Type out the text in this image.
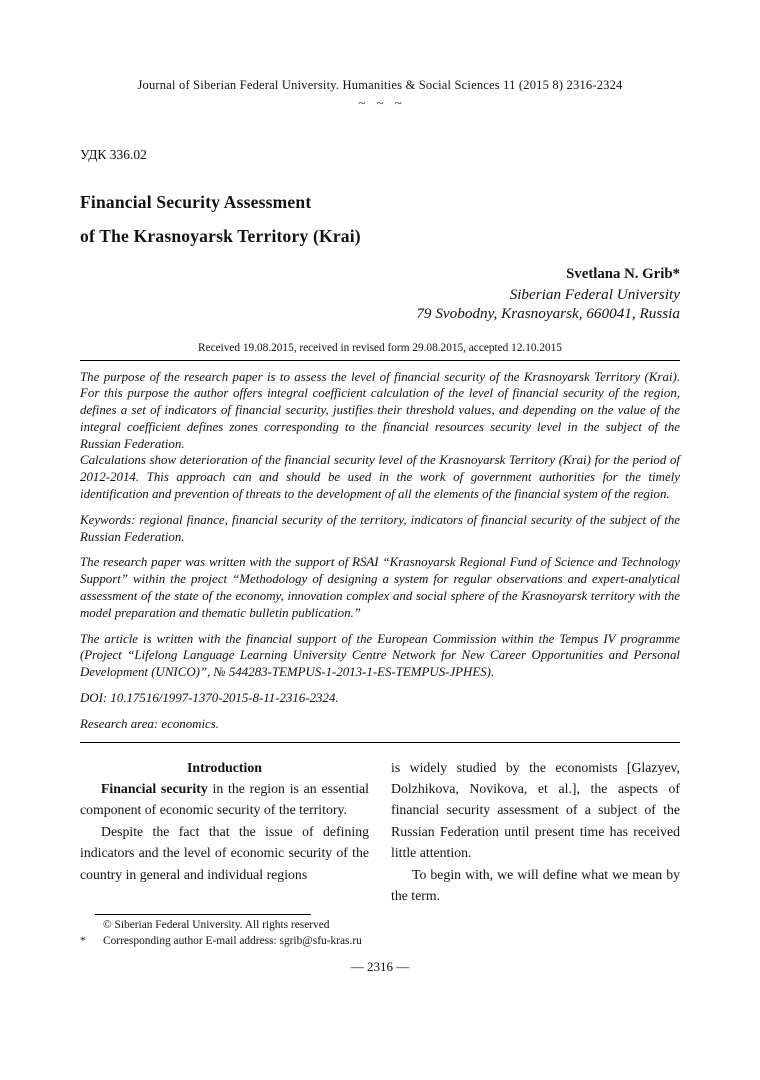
Journal of Siberian Federal University. Humanities & Social Sciences 11 (2015 8) 2316-2324
~ ~ ~
УДК 336.02
Financial Security Assessment
of The Krasnoyarsk Territory (Krai)
Svetlana N. Grib*
Siberian Federal University
79 Svobodny, Krasnoyarsk, 660041, Russia
Received 19.08.2015, received in revised form 29.08.2015, accepted 12.10.2015

The purpose of the research paper is to assess the level of financial security of the Krasnoyarsk Territory (Krai). For this purpose the author offers integral coefficient calculation of the level of financial security of the region, defines a set of indicators of financial security, justifies their threshold values, and depending on the value of the integral coefficient defines zones corresponding to the financial resources security level in the subject of the Russian Federation.

Calculations show deterioration of the financial security level of the Krasnoyarsk Territory (Krai) for the period of 2012-2014. This approach can and should be used in the work of government authorities for the timely identification and prevention of threats to the development of all the elements of the financial system of the region.

Keywords: regional finance, financial security of the territory, indicators of financial security of the subject of the Russian Federation.

The research paper was written with the support of RSAI “Krasnoyarsk Regional Fund of Science and Technology Support” within the project “Methodology of designing a system for regular observations and expert-analytical assessment of the state of the economy, innovation complex and social sphere of the Krasnoyarsk territory with the model preparation and thematic bulletin publication.”

The article is written with the financial support of the European Commission within the Tempus IV programme (Project “Lifelong Language Learning University Centre Network for New Career Opportunities and Personal Development (UNICO)”, № 544283-TEMPUS-1-2013-1-ES-TEMPUS-JPHES).

DOI: 10.17516/1997-1370-2015-8-11-2316-2324.

Research area: economics.

Introduction

Financial security in the region is an essential component of economic security of the territory.

Despite the fact that the issue of defining indicators and the level of economic security of the country in general and individual regions

is widely studied by the economists [Glazyev, Dolzhikova, Novikova, et al.], the aspects of financial security assessment of a subject of the Russian Federation until present time has received little attention.

To begin with, we will define what we mean by the term.

© Siberian Federal University. All rights reserved
*	Corresponding author E-mail address: sgrib@sfu-kras.ru
— 2316 —
